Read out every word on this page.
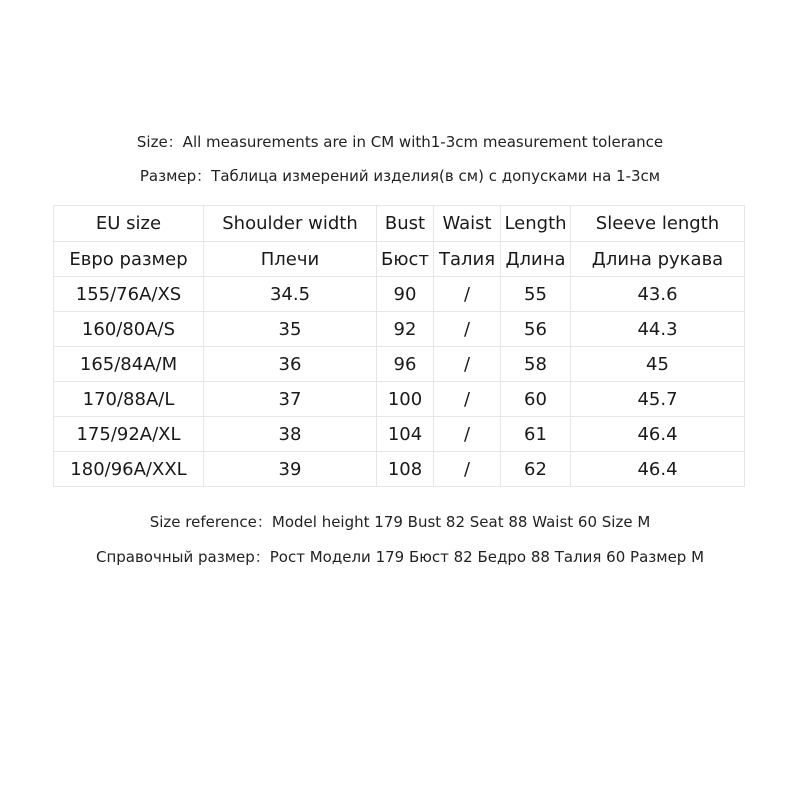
Size：All measurements are in CM with1-3cm measurement tolerance
Размер：Таблица измерений изделия(в см) с допусками на 1-3см
EU size	Shoulder width	Bust	Waist	Length	Sleeve length
Евро размер	Плечи	Бюст	Талия	Длина	Длина рукава
155/76A/XS	34.5	90	/	55	43.6
160/80A/S	35	92	/	56	44.3
165/84A/M	36	96	/	58	45
170/88A/L	37	100	/	60	45.7
175/92A/XL	38	104	/	61	46.4
180/96A/XXL	39	108	/	62	46.4
Size reference：Model height 179 Bust 82 Seat 88 Waist 60 Size M
Справочный размер：Рост Модели 179 Бюст 82 Бедро 88 Талия 60 Размер M
